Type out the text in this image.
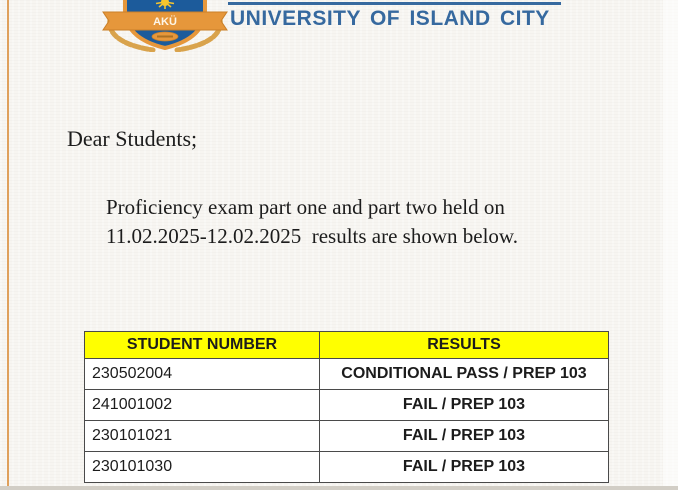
AKÜ	UNIVERSITY OF ISLAND CITY
Dear Students;
Proficiency exam part one and part two held on
11.02.2025-12.02.2025  results are shown below.
STUDENT NUMBER	RESULTS
230502004	CONDITIONAL PASS / PREP 103
241001002	FAIL / PREP 103
230101021	FAIL / PREP 103
230101030	FAIL / PREP 103
